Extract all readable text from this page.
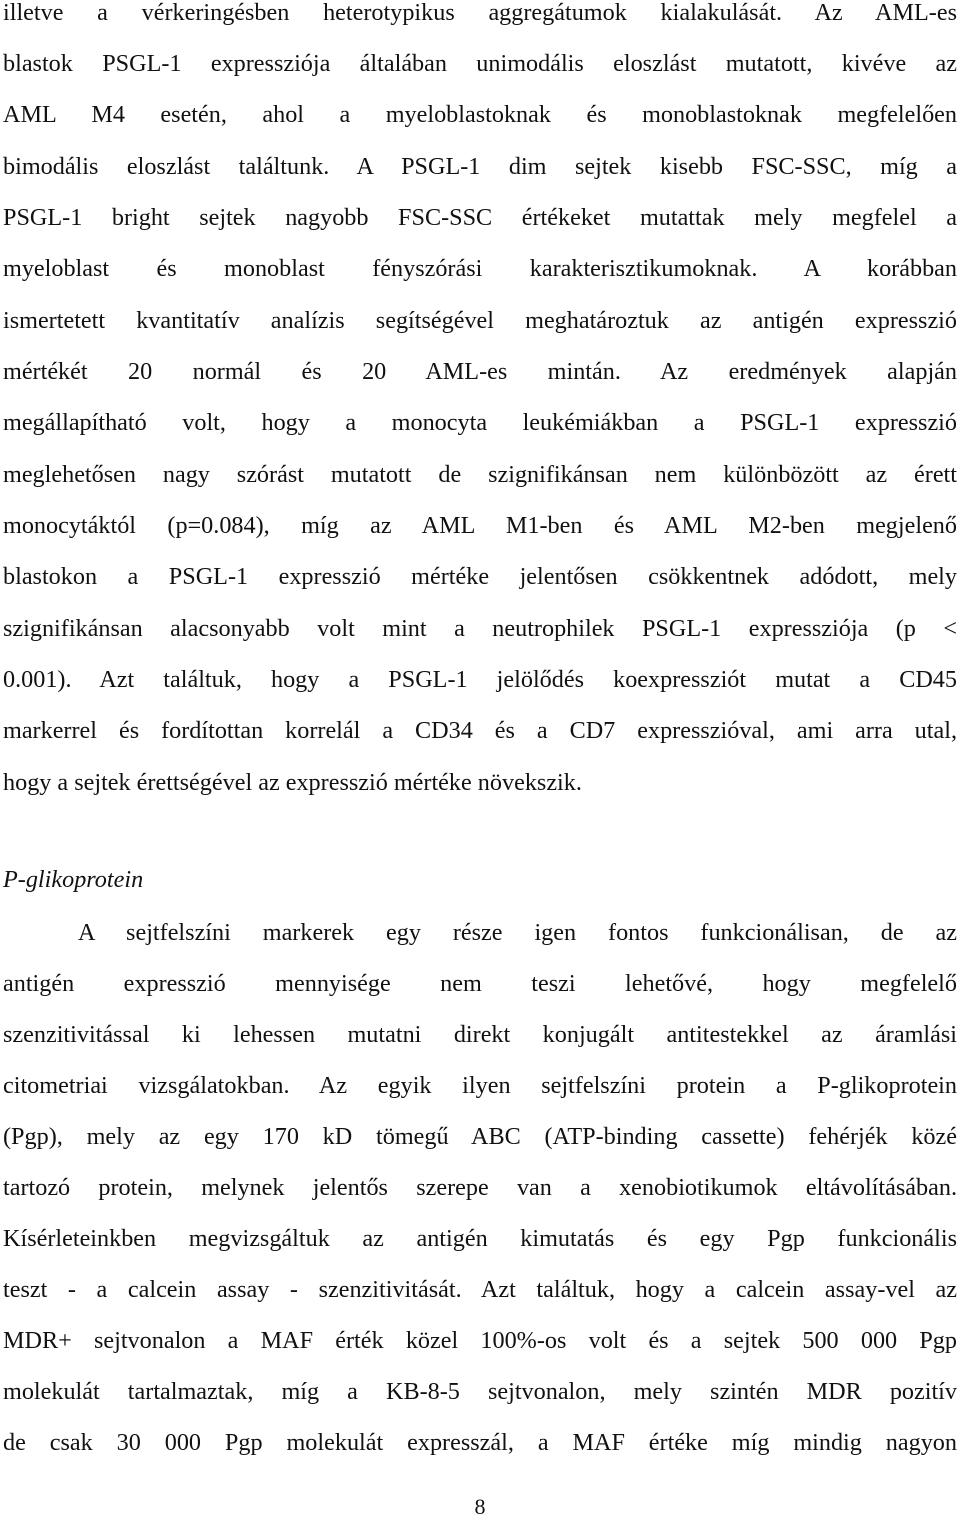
illetve a vérkeringésben heterotypikus aggregátumok kialakulását. Az AML-es
blastok PSGL-1 expressziója általában unimodális eloszlást mutatott, kivéve az
AML M4 esetén, ahol a myeloblastoknak és monoblastoknak megfelelően
bimodális eloszlást találtunk. A PSGL-1 dim sejtek kisebb FSC-SSC, míg a
PSGL-1 bright sejtek nagyobb FSC-SSC értékeket mutattak mely megfelel a
myeloblast és monoblast fényszórási karakterisztikumoknak. A korábban
ismertetett kvantitatív analízis segítségével meghatároztuk az antigén expresszió
mértékét 20 normál és 20 AML-es mintán. Az eredmények alapján
megállapítható volt, hogy a monocyta leukémiákban a PSGL-1 expresszió
meglehetősen nagy szórást mutatott de szignifikánsan nem különbözött az érett
monocytáktól (p=0.084), míg az AML M1-ben és AML M2-ben megjelenő
blastokon a PSGL-1 expresszió mértéke jelentősen csökkentnek adódott, mely
szignifikánsan alacsonyabb volt mint a neutrophilek PSGL-1 expressziója (p <
0.001). Azt találtuk, hogy a PSGL-1 jelölődés koexpressziót mutat a CD45
markerrel és fordítottan korrelál a CD34 és a CD7 expresszióval, ami arra utal,
hogy a sejtek érettségével az expresszió mértéke növekszik.
P-glikoprotein
A sejtfelszíni markerek egy része igen fontos funkcionálisan, de az
antigén expresszió mennyisége nem teszi lehetővé, hogy megfelelő
szenzitivitással ki lehessen mutatni direkt konjugált antitestekkel az áramlási
citometriai vizsgálatokban. Az egyik ilyen sejtfelszíni protein a P-glikoprotein
(Pgp), mely az egy 170 kD tömegű ABC (ATP-binding cassette) fehérjék közé
tartozó protein, melynek jelentős szerepe van a xenobiotikumok eltávolításában.
Kísérleteinkben megvizsgáltuk az antigén kimutatás és egy Pgp funkcionális
teszt - a calcein assay - szenzitivitását. Azt találtuk, hogy a calcein assay-vel az
MDR+ sejtvonalon a MAF érték közel 100%-os volt és a sejtek 500 000 Pgp
molekulát tartalmaztak, míg a KB-8-5 sejtvonalon, mely szintén MDR pozitív
de csak 30 000 Pgp molekulát expresszál, a MAF értéke míg mindig nagyon
8
